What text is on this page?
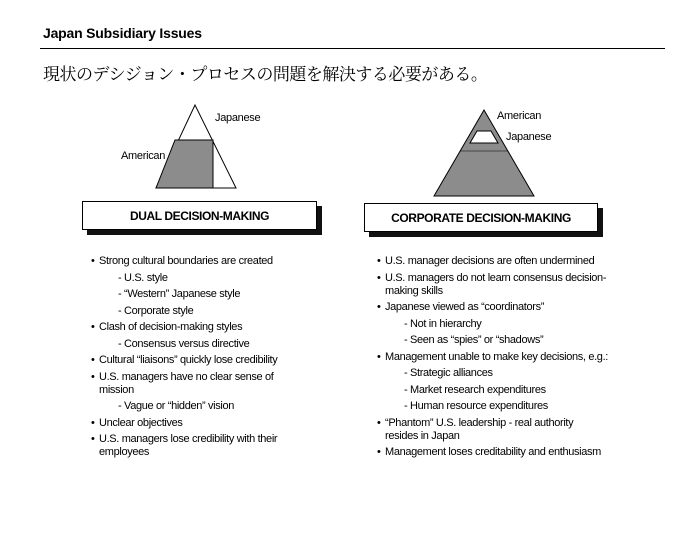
Japan Subsidiary Issues
現状のデシジョン・プロセスの問題を解決する必要がある。
Japanese
American
American
Japanese
DUAL DECISION-MAKING	CORPORATE DECISION-MAKING
• Strong cultural boundaries are created
- U.S. style
- “Western” Japanese style
- Corporate style
• Clash of decision-making styles
- Consensus versus directive
• Cultural “liaisons” quickly lose credibility
• U.S. managers have no clear sense of mission
- Vague or “hidden” vision
• Unclear objectives
• U.S. managers lose credibility with their employees
• U.S. manager decisions are often undermined
• U.S. managers do not learn consensus decision-making skills
• Japanese viewed as “coordinators”
- Not in hierarchy
- Seen as “spies” or “shadows”
• Management unable to make key decisions, e.g.:
- Strategic alliances
- Market research expenditures
- Human resource expenditures
• “Phantom” U.S. leadership - real authority resides in Japan
• Management loses creditability and enthusiasm
